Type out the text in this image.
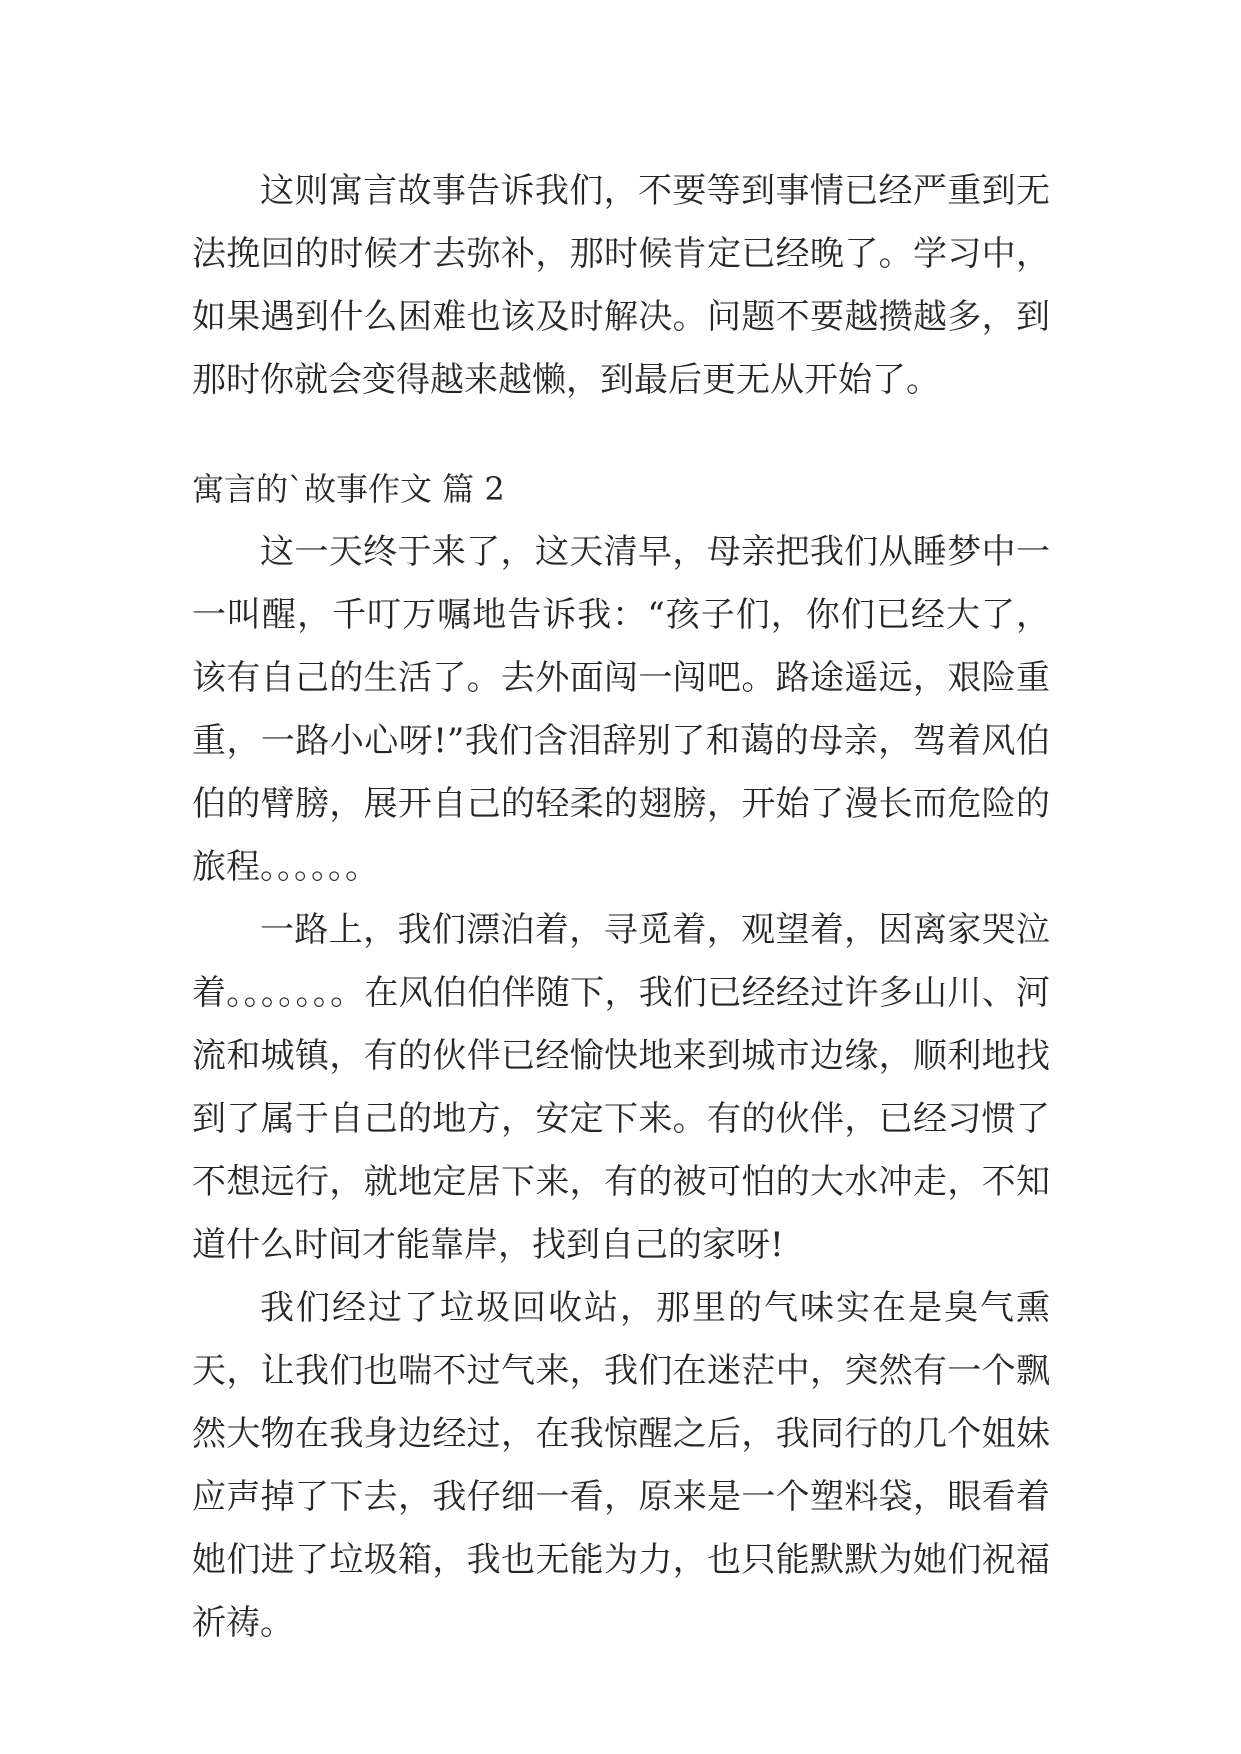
这则寓言故事告诉我们，不要等到事情已经严重到无法挽回的时候才去弥补，那时候肯定已经晚了。学习中，如果遇到什么困难也该及时解决。问题不要越攒越多，到那时你就会变得越来越懒，到最后更无从开始了。

寓言的`故事作文 篇 2

这一天终于来了，这天清早，母亲把我们从睡梦中一一叫醒，千叮万嘱地告诉我：“孩子们，你们已经大了，该有自己的生活了。去外面闯一闯吧。路途遥远，艰险重重，一路小心呀!”我们含泪辞别了和蔼的母亲，驾着风伯伯的臂膀，展开自己的轻柔的翅膀，开始了漫长而危险的旅程。。。。。。

一路上，我们漂泊着，寻觅着，观望着，因离家哭泣着。。。。。。。在风伯伯伴随下，我们已经经过许多山川、河流和城镇，有的伙伴已经愉快地来到城市边缘，顺利地找到了属于自己的地方，安定下来。有的伙伴，已经习惯了不想远行，就地定居下来，有的被可怕的大水冲走，不知道什么时间才能靠岸，找到自己的家呀!

我们经过了垃圾回收站，那里的气味实在是臭气熏天，让我们也喘不过气来，我们在迷茫中，突然有一个飘然大物在我身边经过，在我惊醒之后，我同行的几个姐妹应声掉了下去，我仔细一看，原来是一个塑料袋，眼看着她们进了垃圾箱，我也无能为力，也只能默默为她们祝福祈祷。
